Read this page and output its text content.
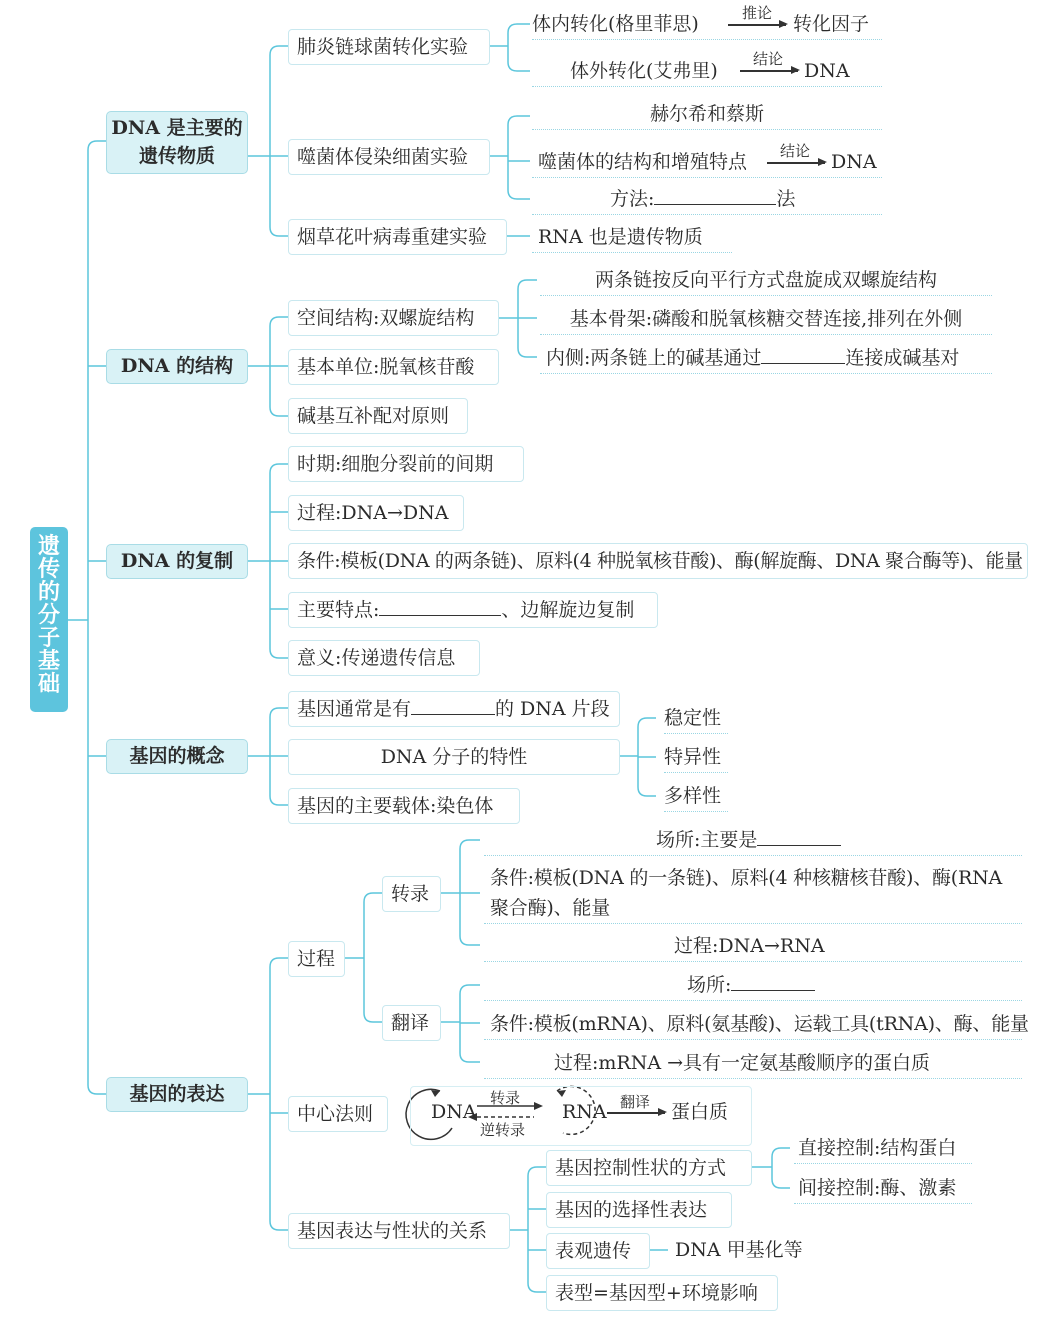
遗传的分子基础
DNA 是主要的
遗传物质
肺炎链球菌转化实验
体内转化(格里菲思)	推论 转化因子
体外转化(艾弗里)
结论
DNA
噬菌体侵染细菌实验
赫尔希和蔡斯
噬菌体的结构和增殖特点	结论 DNA
方法:	法
烟草花叶病毒重建实验	RNA 也是遗传物质
DNA 的结构
空间结构:双螺旋结构
两条链按反向平行方式盘旋成双螺旋结构
基本骨架:磷酸和脱氧核糖交替连接,排列在外侧
内侧:两条链上的碱基通过	连接成碱基对
基本单位:脱氧核苷酸
碱基互补配对原则
DNA 的复制
时期:细胞分裂前的间期
过程:DNA→DNA
条件:模板(DNA 的两条链)、原料(4 种脱氧核苷酸)、酶(解旋酶、DNA 聚合酶等)、能量
主要特点:	、边解旋边复制
意义:传递遗传信息
基因的概念
基因通常是有	的 DNA 片段
DNA 分子的特性
基因的主要载体:染色体
稳定性
特异性
多样性
基因的表达
过程
转录
场所:主要是
条件:模板(DNA 的一条链)、原料(4 种核糖核苷酸)、酶(RNA
聚合酶)、能量
过程:DNA→RNA
翻译
场所:
条件:模板(mRNA)、原料(氨基酸)、运载工具(tRNA)、酶、能量
过程:mRNA →具有一定氨基酸顺序的蛋白质
中心法则	DNA
转录
逆转录
RNA 翻译 蛋白质
基因表达与性状的关系
基因控制性状的方式
直接控制:结构蛋白
间接控制:酶、激素
基因的选择性表达
表观遗传	DNA 甲基化等
表型=基因型+环境影响
